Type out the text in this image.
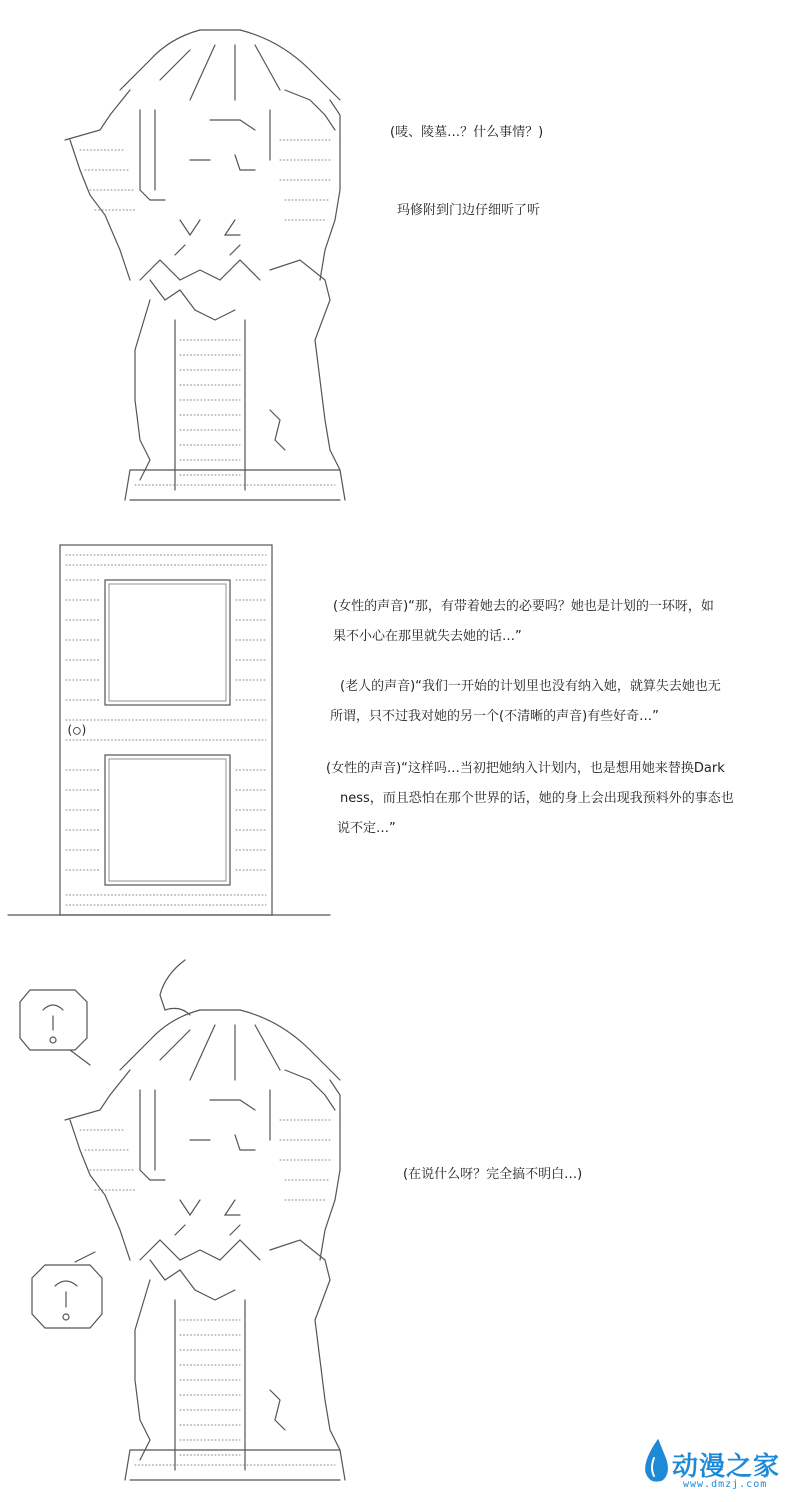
(唛、陵墓…？什么事情？)
玛修附到门边仔细听了听
(◯)
(女性的声音)“那，有带着她去的必要吗？她也是计划的一环呀，如
果不小心在那里就失去她的话…”
(老人的声音)“我们一开始的计划里也没有纳入她，就算失去她也无
所谓，只不过我对她的另一个(不清晰的声音)有些好奇…”
(女性的声音)“这样吗…当初把她纳入计划内，也是想用她来替换Dark
ness，而且恐怕在那个世界的话，她的身上会出现我预料外的事态也
说不定…”
(在说什么呀？完全搞不明白…)
动漫之家
www.dmzj.com
